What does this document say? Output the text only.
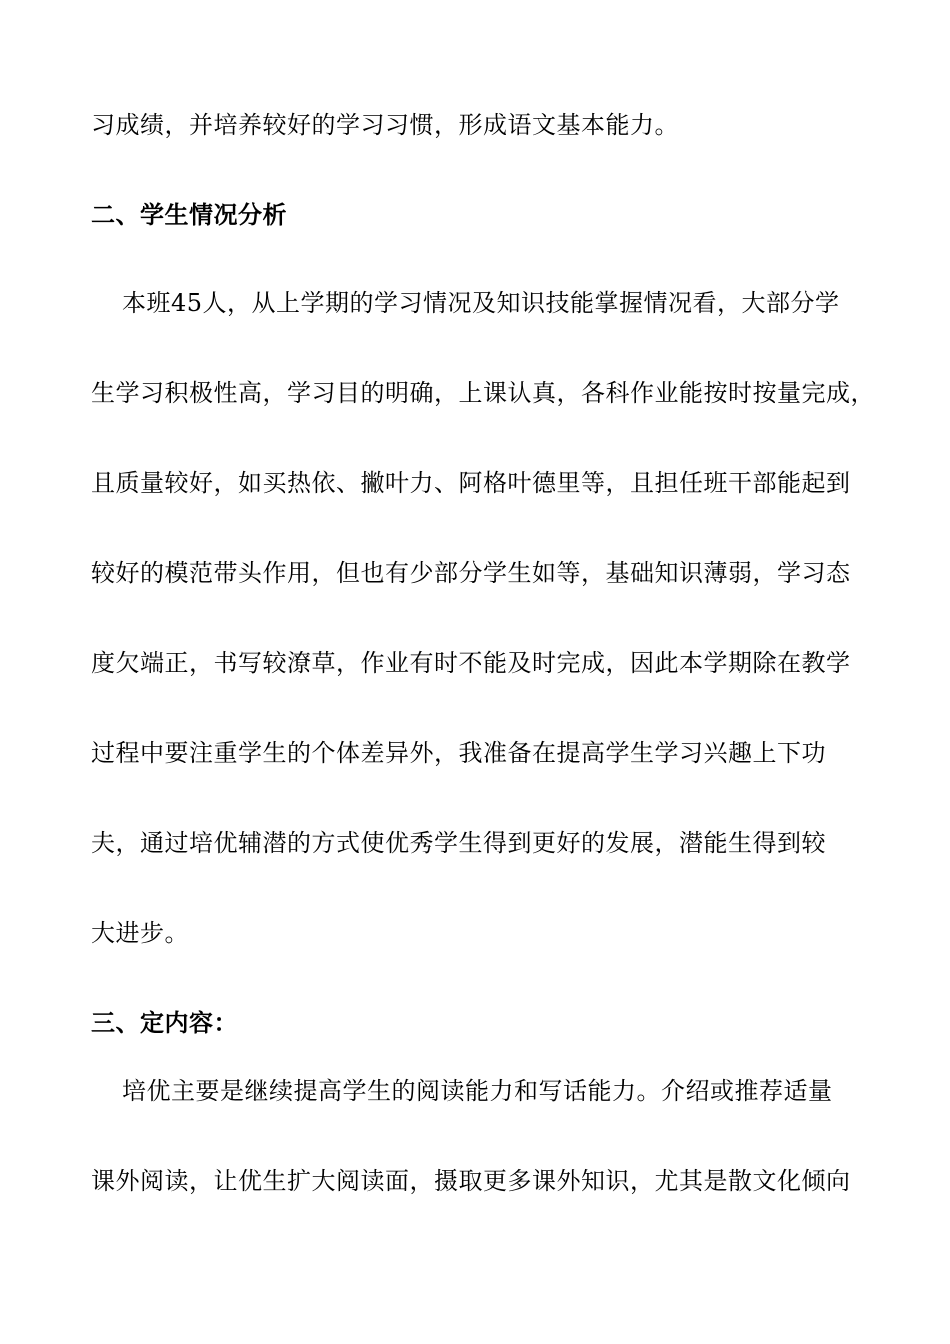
习成绩，并培养较好的学习习惯，形成语文基本能力。
二、学生情况分析
本班45人，从上学期的学习情况及知识技能掌握情况看，大部分学
生学习积极性高，学习目的明确，上课认真，各科作业能按时按量完成，
且质量较好，如买热依、撇叶力、阿格叶德里等，且担任班干部能起到
较好的模范带头作用，但也有少部分学生如等，基础知识薄弱，学习态
度欠端正，书写较潦草，作业有时不能及时完成，因此本学期除在教学
过程中要注重学生的个体差异外，我准备在提高学生学习兴趣上下功
夫，通过培优辅潜的方式使优秀学生得到更好的发展，潜能生得到较
大进步。
三、定内容：
培优主要是继续提高学生的阅读能力和写话能力。介绍或推荐适量
课外阅读，让优生扩大阅读面，摄取更多课外知识，尤其是散文化倾向
